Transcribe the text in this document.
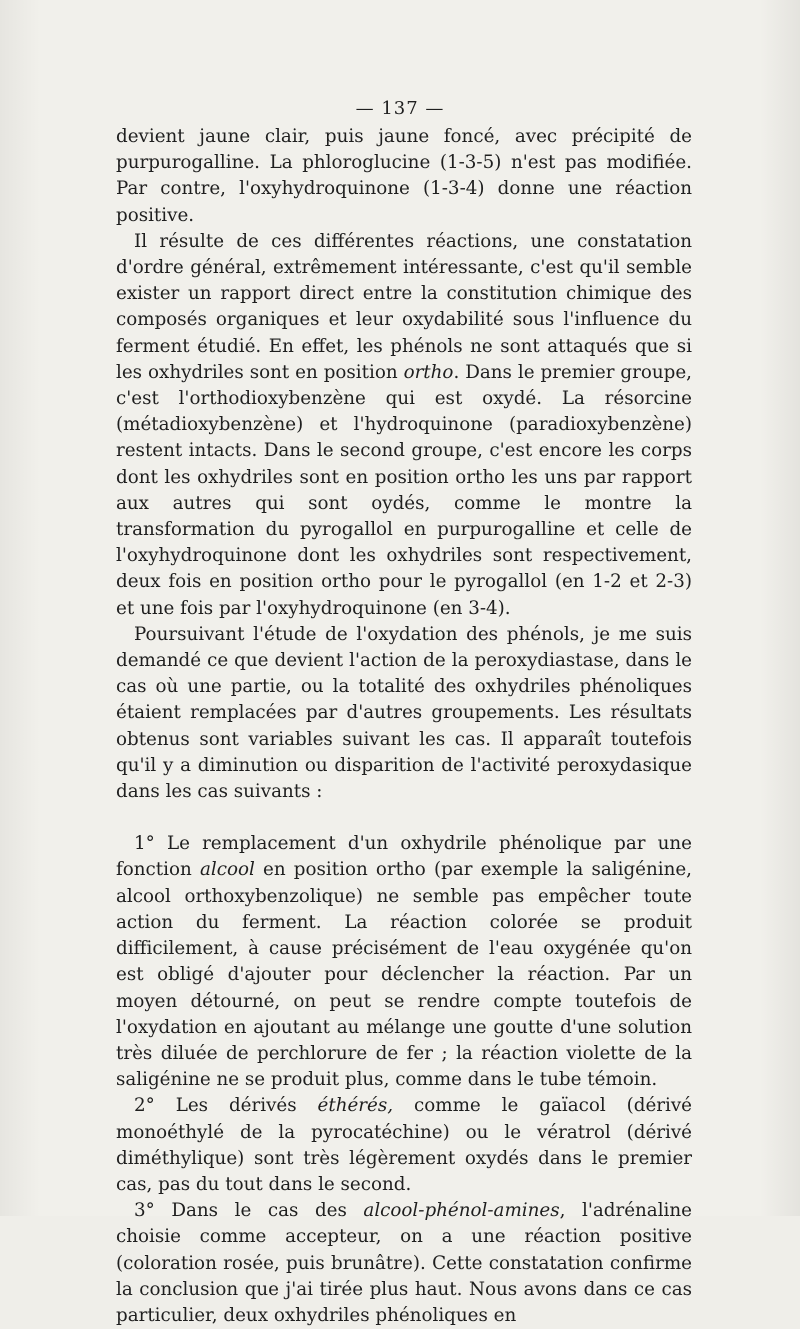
— 137 —

devient jaune clair, puis jaune foncé, avec précipité de purpurogalline. La phloroglucine (1-3-5) n'est pas modifiée. Par contre, l'oxyhydroquinone (1-3-4) donne une réaction positive.

Il résulte de ces différentes réactions, une constatation d'ordre général, extrêmement intéressante, c'est qu'il semble exister un rapport direct entre la constitution chimique des composés organiques et leur oxydabilité sous l'influence du ferment étudié. En effet, les phénols ne sont attaqués que si les oxhydriles sont en position ortho. Dans le premier groupe, c'est l'orthodioxybenzène qui est oxydé. La résorcine (métadioxybenzène) et l'hydroquinone (paradioxybenzène) restent intacts. Dans le second groupe, c'est encore les corps dont les oxhydriles sont en position ortho les uns par rapport aux autres qui sont oydés, comme le montre la transformation du pyrogallol en purpurogalline et celle de l'oxyhydroquinone dont les oxhydriles sont respectivement, deux fois en position ortho pour le pyrogallol (en 1-2 et 2-3) et une fois par l'oxyhydroquinone (en 3-4).

Poursuivant l'étude de l'oxydation des phénols, je me suis demandé ce que devient l'action de la peroxydiastase, dans le cas où une partie, ou la totalité des oxhydriles phénoliques étaient remplacées par d'autres groupements. Les résultats obtenus sont variables suivant les cas. Il apparaît toutefois qu'il y a diminution ou disparition de l'activité peroxydasique dans les cas suivants :

1° Le remplacement d'un oxhydrile phénolique par une fonction alcool en position ortho (par exemple la saligénine, alcool orthoxybenzolique) ne semble pas empêcher toute action du ferment. La réaction colorée se produit difficilement, à cause précisément de l'eau oxygénée qu'on est obligé d'ajouter pour déclencher la réaction. Par un moyen détourné, on peut se rendre compte toutefois de l'oxydation en ajoutant au mélange une goutte d'une solution très diluée de perchlorure de fer ; la réaction violette de la saligénine ne se produit plus, comme dans le tube témoin.

2° Les dérivés éthérés, comme le gaïacol (dérivé monoéthylé de la pyrocatéchine) ou le vératrol (dérivé diméthylique) sont très légèrement oxydés dans le premier cas, pas du tout dans le second.

3° Dans le cas des alcool-phénol-amines, l'adrénaline choisie comme accepteur, on a une réaction positive (coloration rosée, puis brunâtre). Cette constatation confirme la conclusion que j'ai tirée plus haut. Nous avons dans ce cas particulier, deux oxhydriles phénoliques en
